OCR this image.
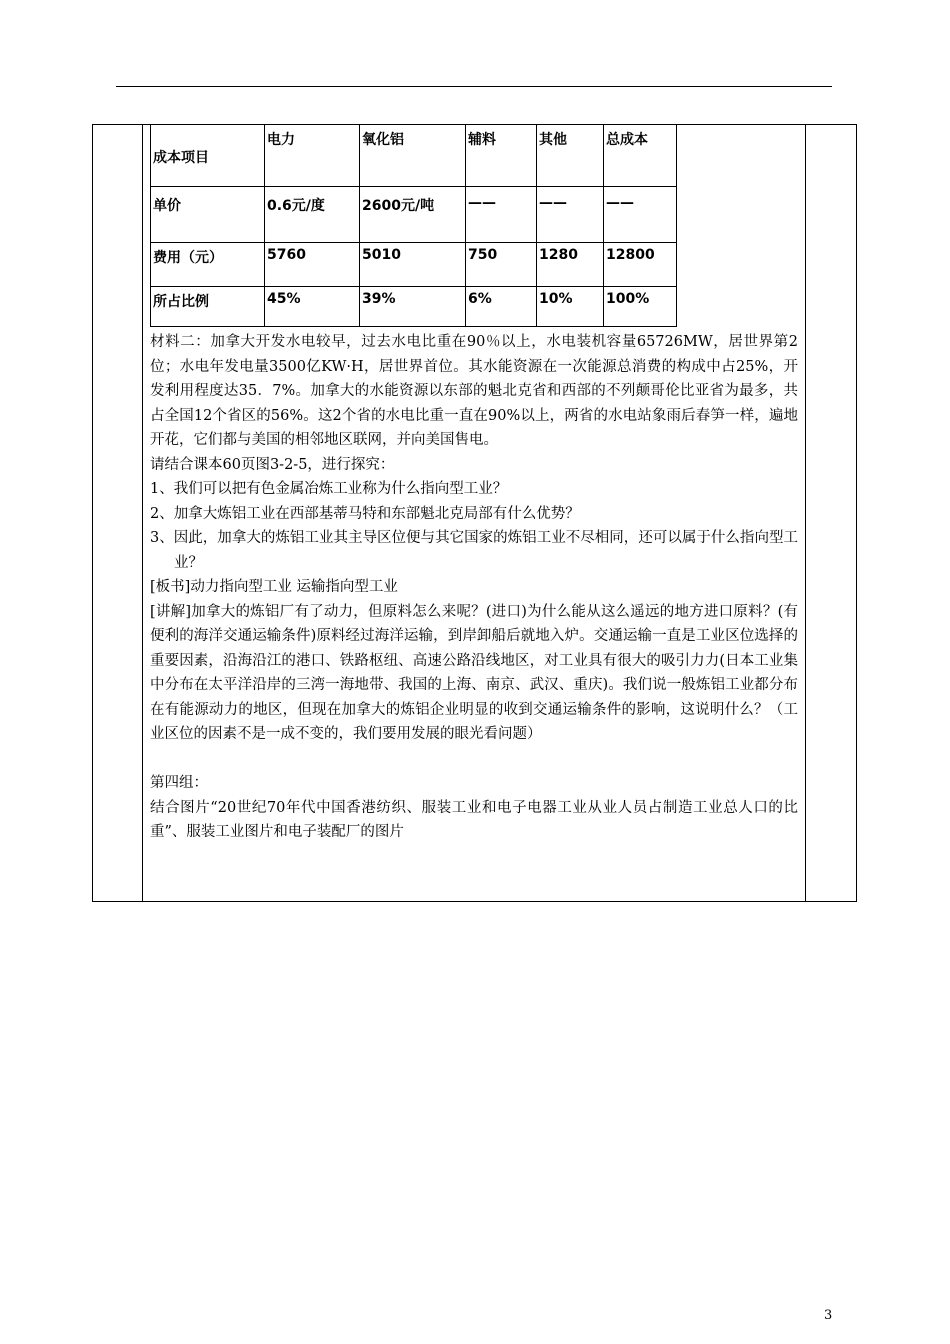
成本项目	电力	氧化铝	辅料	其他	总成本
单价	0.6元/度	2600元/吨	——	——	——
费用（元）	5760	5010	750	1280	12800
所占比例	45%	39%	6%	10%	100%

材料二：加拿大开发水电较早，过去水电比重在90％以上，水电装机容量65726MW，居世界第2位；水电年发电量3500亿KW·H，居世界首位。其水能资源在一次能源总消费的构成中占25%，开发利用程度达35．7%。加拿大的水能资源以东部的魁北克省和西部的不列颠哥伦比亚省为最多，共占全国12个省区的56%。这2个省的水电比重一直在90%以上，两省的水电站象雨后春笋一样，遍地开花，它们都与美国的相邻地区联网，并向美国售电。

请结合课本60页图3-2-5，进行探究：

1、我们可以把有色金属冶炼工业称为什么指向型工业？

2、加拿大炼铝工业在西部基蒂马特和东部魁北克局部有什么优势？

3、因此，加拿大的炼铝工业其主导区位便与其它国家的炼铝工业不尽相同，还可以属于什么指向型工业？

[板书]动力指向型工业 运输指向型工业

[讲解]加拿大的炼铝厂有了动力，但原料怎么来呢？(进口)为什么能从这么遥远的地方进口原料？(有便利的海洋交通运输条件)原料经过海洋运输，到岸卸船后就地入炉。交通运输一直是工业区位选择的重要因素，沿海沿江的港口、铁路枢纽、高速公路沿线地区，对工业具有很大的吸引力力(日本工业集中分布在太平洋沿岸的三湾一海地带、我国的上海、南京、武汉、重庆)。我们说一般炼铝工业都分布在有能源动力的地区，但现在加拿大的炼铝企业明显的收到交通运输条件的影响，这说明什么？（工业区位的因素不是一成不变的，我们要用发展的眼光看问题）

第四组：

结合图片“20世纪70年代中国香港纺织、服装工业和电子电器工业从业人员占制造工业总人口的比重”、服装工业图片和电子装配厂的图片

3
